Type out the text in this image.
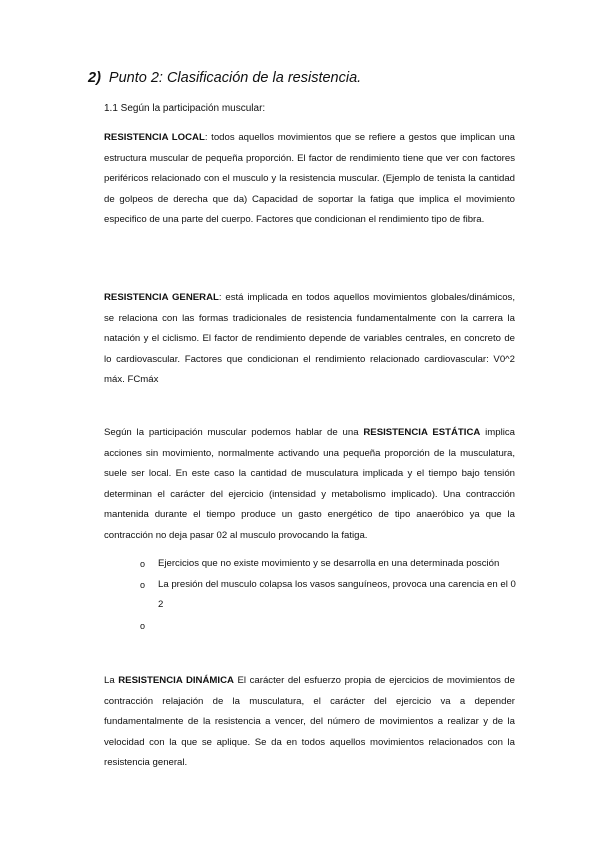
2) Punto 2: Clasificación de la resistencia.
1.1 Según la participación muscular:

RESISTENCIA LOCAL: todos aquellos movimientos que se refiere a gestos que implican una estructura muscular de pequeña proporción. El factor de rendimiento tiene que ver con factores periféricos relacionado con el musculo y la resistencia muscular. (Ejemplo de tenista la cantidad de golpeos de derecha que da) Capacidad de soportar la fatiga que implica el movimiento especifico de una parte del cuerpo. Factores que condicionan el rendimiento tipo de fibra.

RESISTENCIA GENERAL: está implicada en todos aquellos movimientos globales/dinámicos, se relaciona con las formas tradicionales de resistencia fundamentalmente con la carrera la natación y el ciclismo. El factor de rendimiento depende de variables centrales, en concreto de lo cardiovascular. Factores que condicionan el rendimiento relacionado cardiovascular: V0^2 máx. FCmáx

Según la participación muscular podemos hablar de una RESISTENCIA ESTÁTICA implica acciones sin movimiento, normalmente activando una pequeña proporción de la musculatura, suele ser local. En este caso la cantidad de musculatura implicada y el tiempo bajo tensión determinan el carácter del ejercicio (intensidad y metabolismo implicado). Una contracción mantenida durante el tiempo produce un gasto energético de tipo anaeróbico ya que la contracción no deja pasar 02 al musculo provocando la fatiga.

o Ejercicios que no existe movimiento y se desarrolla en una determinada posción
o La presión del musculo colapsa los vasos sanguíneos, provoca una carencia en el 0 2
o

La RESISTENCIA DINÁMICA El carácter del esfuerzo propia de ejercicios de movimientos de contracción relajación de la musculatura, el carácter del ejercicio va a depender fundamentalmente de la resistencia a vencer, del número de movimientos a realizar y de la velocidad con la que se aplique. Se da en todos aquellos movimientos relacionados con la resistencia general.
